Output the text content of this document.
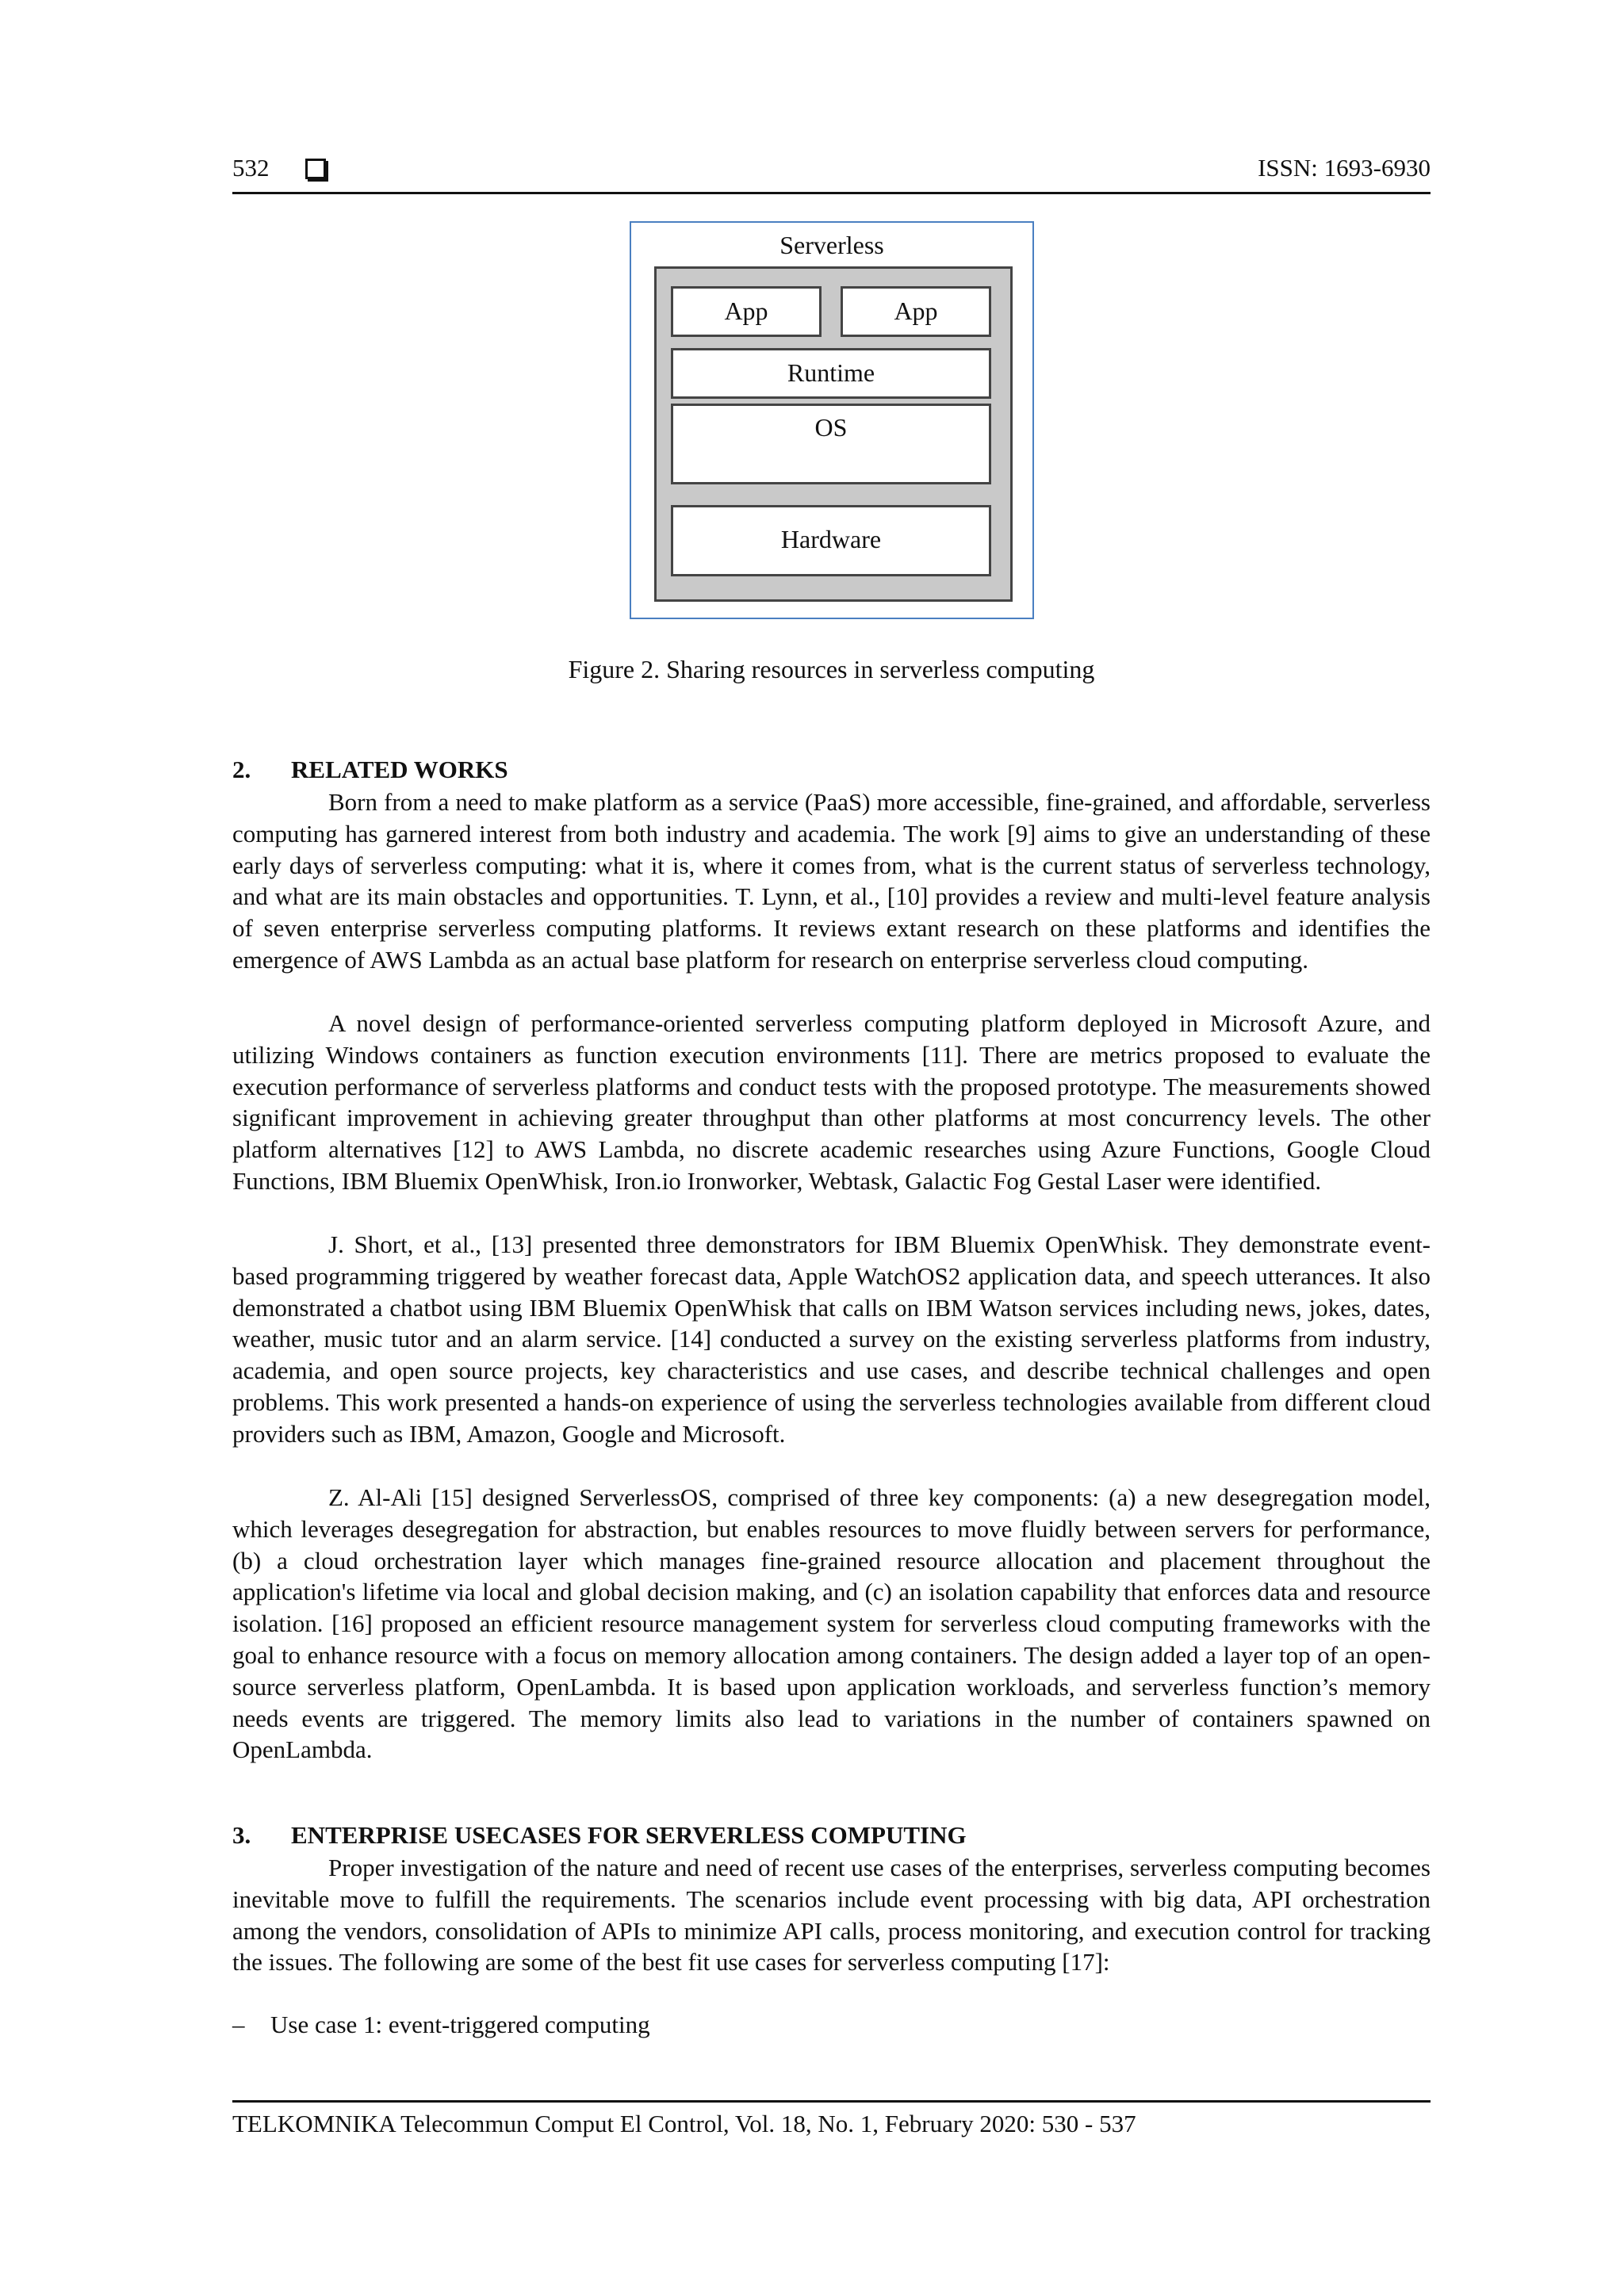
532	ISSN: 1693-6930
Serverless
App	App
Runtime
OS
Hardware
Figure 2. Sharing resources in serverless computing
2. RELATED WORKS

Born from a need to make platform as a service (PaaS) more accessible, fine-grained, and affordable, serverless computing has garnered interest from both industry and academia. The work [9] aims to give an understanding of these early days of serverless computing: what it is, where it comes from, what is the current status of serverless technology, and what are its main obstacles and opportunities. T. Lynn, et al., [10] provides a review and multi-level feature analysis of seven enterprise serverless computing platforms. It reviews extant research on these platforms and identifies the emergence of AWS Lambda as an actual base platform for research on enterprise serverless cloud computing.

A novel design of performance-oriented serverless computing platform deployed in Microsoft Azure, and utilizing Windows containers as function execution environments [11]. There are metrics proposed to evaluate the execution performance of serverless platforms and conduct tests with the proposed prototype. The measurements showed significant improvement in achieving greater throughput than other platforms at most concurrency levels. The other platform alternatives [12] to AWS Lambda, no discrete academic researches using Azure Functions, Google Cloud Functions, IBM Bluemix OpenWhisk, Iron.io Ironworker, Webtask, Galactic Fog Gestal Laser were identified.

J. Short, et al., [13] presented three demonstrators for IBM Bluemix OpenWhisk. They demonstrate event-based programming triggered by weather forecast data, Apple WatchOS2 application data, and speech utterances. It also demonstrated a chatbot using IBM Bluemix OpenWhisk that calls on IBM Watson services including news, jokes, dates, weather, music tutor and an alarm service. [14] conducted a survey on the existing serverless platforms from industry, academia, and open source projects, key characteristics and use cases, and describe technical challenges and open problems. This work presented a hands-on experience of using the serverless technologies available from different cloud providers such as IBM, Amazon, Google and Microsoft.

Z. Al-Ali [15] designed ServerlessOS, comprised of three key components: (a) a new desegregation model, which leverages desegregation for abstraction, but enables resources to move fluidly between servers for performance, (b) a cloud orchestration layer which manages fine-grained resource allocation and placement throughout the application's lifetime via local and global decision making, and (c) an isolation capability that enforces data and resource isolation. [16] proposed an efficient resource management system for serverless cloud computing frameworks with the goal to enhance resource with a focus on memory allocation among containers. The design added a layer top of an open-source serverless platform, OpenLambda. It is based upon application workloads, and serverless function’s memory needs events are triggered. The memory limits also lead to variations in the number of containers spawned on OpenLambda.

3. ENTERPRISE USECASES FOR SERVERLESS COMPUTING

Proper investigation of the nature and need of recent use cases of the enterprises, serverless computing becomes inevitable move to fulfill the requirements. The scenarios include event processing with big data, API orchestration among the vendors, consolidation of APIs to minimize API calls, process monitoring, and execution control for tracking the issues. The following are some of the best fit use cases for serverless computing [17]:

– Use case 1: event-triggered computing
TELKOMNIKA Telecommun Comput El Control, Vol. 18, No. 1, February 2020: 530 - 537
